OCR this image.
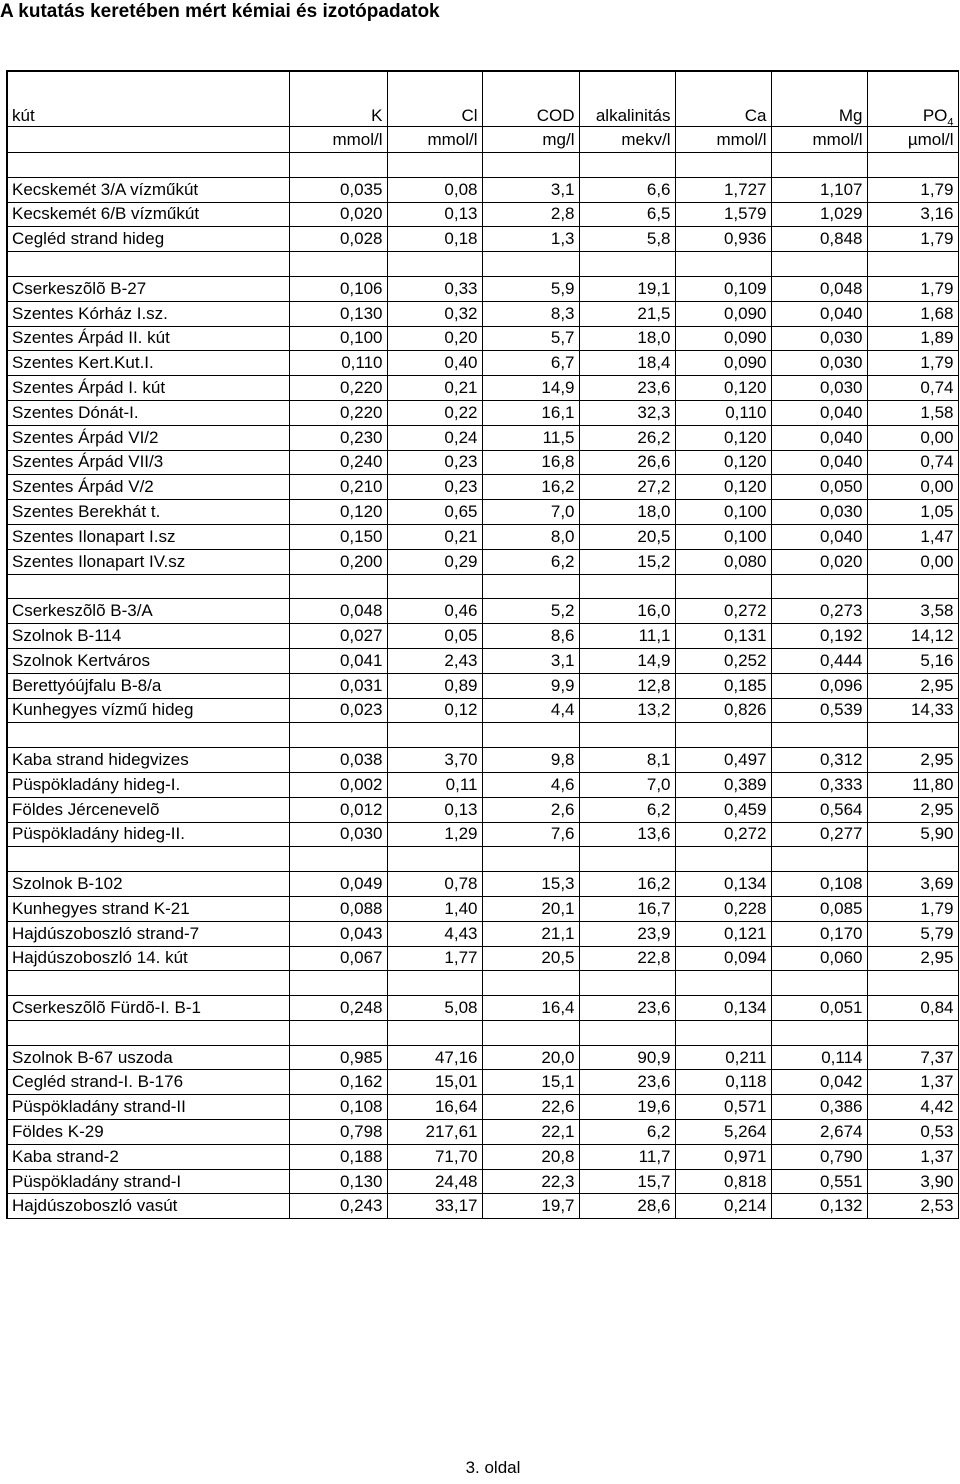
A kutatás keretében mért kémiai és izotópadatok
kút	K	Cl	COD	alkalinitás	Ca	Mg	$PO_4$
	mmol/l	mmol/l	mg/l	mekv/l	mmol/l	mmol/l	µmol/l

Kecskemét 3/A vízműkút	0,035	0,08	3,1	6,6	1,727	1,107	1,79
Kecskemét 6/B vízműkút	0,020	0,13	2,8	6,5	1,579	1,029	3,16
Cegléd strand hideg	0,028	0,18	1,3	5,8	0,936	0,848	1,79

Cserkeszõlõ B-27	0,106	0,33	5,9	19,1	0,109	0,048	1,79
Szentes Kórház I.sz.	0,130	0,32	8,3	21,5	0,090	0,040	1,68
Szentes Árpád II. kút	0,100	0,20	5,7	18,0	0,090	0,030	1,89
Szentes Kert.Kut.I.	0,110	0,40	6,7	18,4	0,090	0,030	1,79
Szentes Árpád I. kút	0,220	0,21	14,9	23,6	0,120	0,030	0,74
Szentes Dónát-I.	0,220	0,22	16,1	32,3	0,110	0,040	1,58
Szentes Árpád VI/2	0,230	0,24	11,5	26,2	0,120	0,040	0,00
Szentes Árpád VII/3	0,240	0,23	16,8	26,6	0,120	0,040	0,74
Szentes Árpád V/2	0,210	0,23	16,2	27,2	0,120	0,050	0,00
Szentes Berekhát t.	0,120	0,65	7,0	18,0	0,100	0,030	1,05
Szentes Ilonapart I.sz	0,150	0,21	8,0	20,5	0,100	0,040	1,47
Szentes Ilonapart IV.sz	0,200	0,29	6,2	15,2	0,080	0,020	0,00

Cserkeszõlõ B-3/A	0,048	0,46	5,2	16,0	0,272	0,273	3,58
Szolnok B-114	0,027	0,05	8,6	11,1	0,131	0,192	14,12
Szolnok Kertváros	0,041	2,43	3,1	14,9	0,252	0,444	5,16
Berettyóújfalu B-8/a	0,031	0,89	9,9	12,8	0,185	0,096	2,95
Kunhegyes vízmű hideg	0,023	0,12	4,4	13,2	0,826	0,539	14,33

Kaba strand hidegvizes	0,038	3,70	9,8	8,1	0,497	0,312	2,95
Püspökladány hideg-I.	0,002	0,11	4,6	7,0	0,389	0,333	11,80
Földes Jércenevelõ	0,012	0,13	2,6	6,2	0,459	0,564	2,95
Püspökladány hideg-II.	0,030	1,29	7,6	13,6	0,272	0,277	5,90

Szolnok B-102	0,049	0,78	15,3	16,2	0,134	0,108	3,69
Kunhegyes strand K-21	0,088	1,40	20,1	16,7	0,228	0,085	1,79
Hajdúszoboszló strand-7	0,043	4,43	21,1	23,9	0,121	0,170	5,79
Hajdúszoboszló 14. kút	0,067	1,77	20,5	22,8	0,094	0,060	2,95

Cserkeszõlõ Fürdõ-I. B-1	0,248	5,08	16,4	23,6	0,134	0,051	0,84

Szolnok B-67 uszoda	0,985	47,16	20,0	90,9	0,211	0,114	7,37
Cegléd strand-I. B-176	0,162	15,01	15,1	23,6	0,118	0,042	1,37
Püspökladány strand-II	0,108	16,64	22,6	19,6	0,571	0,386	4,42
Földes K-29	0,798	217,61	22,1	6,2	5,264	2,674	0,53
Kaba strand-2	0,188	71,70	20,8	11,7	0,971	0,790	1,37
Püspökladány strand-I	0,130	24,48	22,3	15,7	0,818	0,551	3,90
Hajdúszoboszló vasút	0,243	33,17	19,7	28,6	0,214	0,132	2,53
3. oldal
